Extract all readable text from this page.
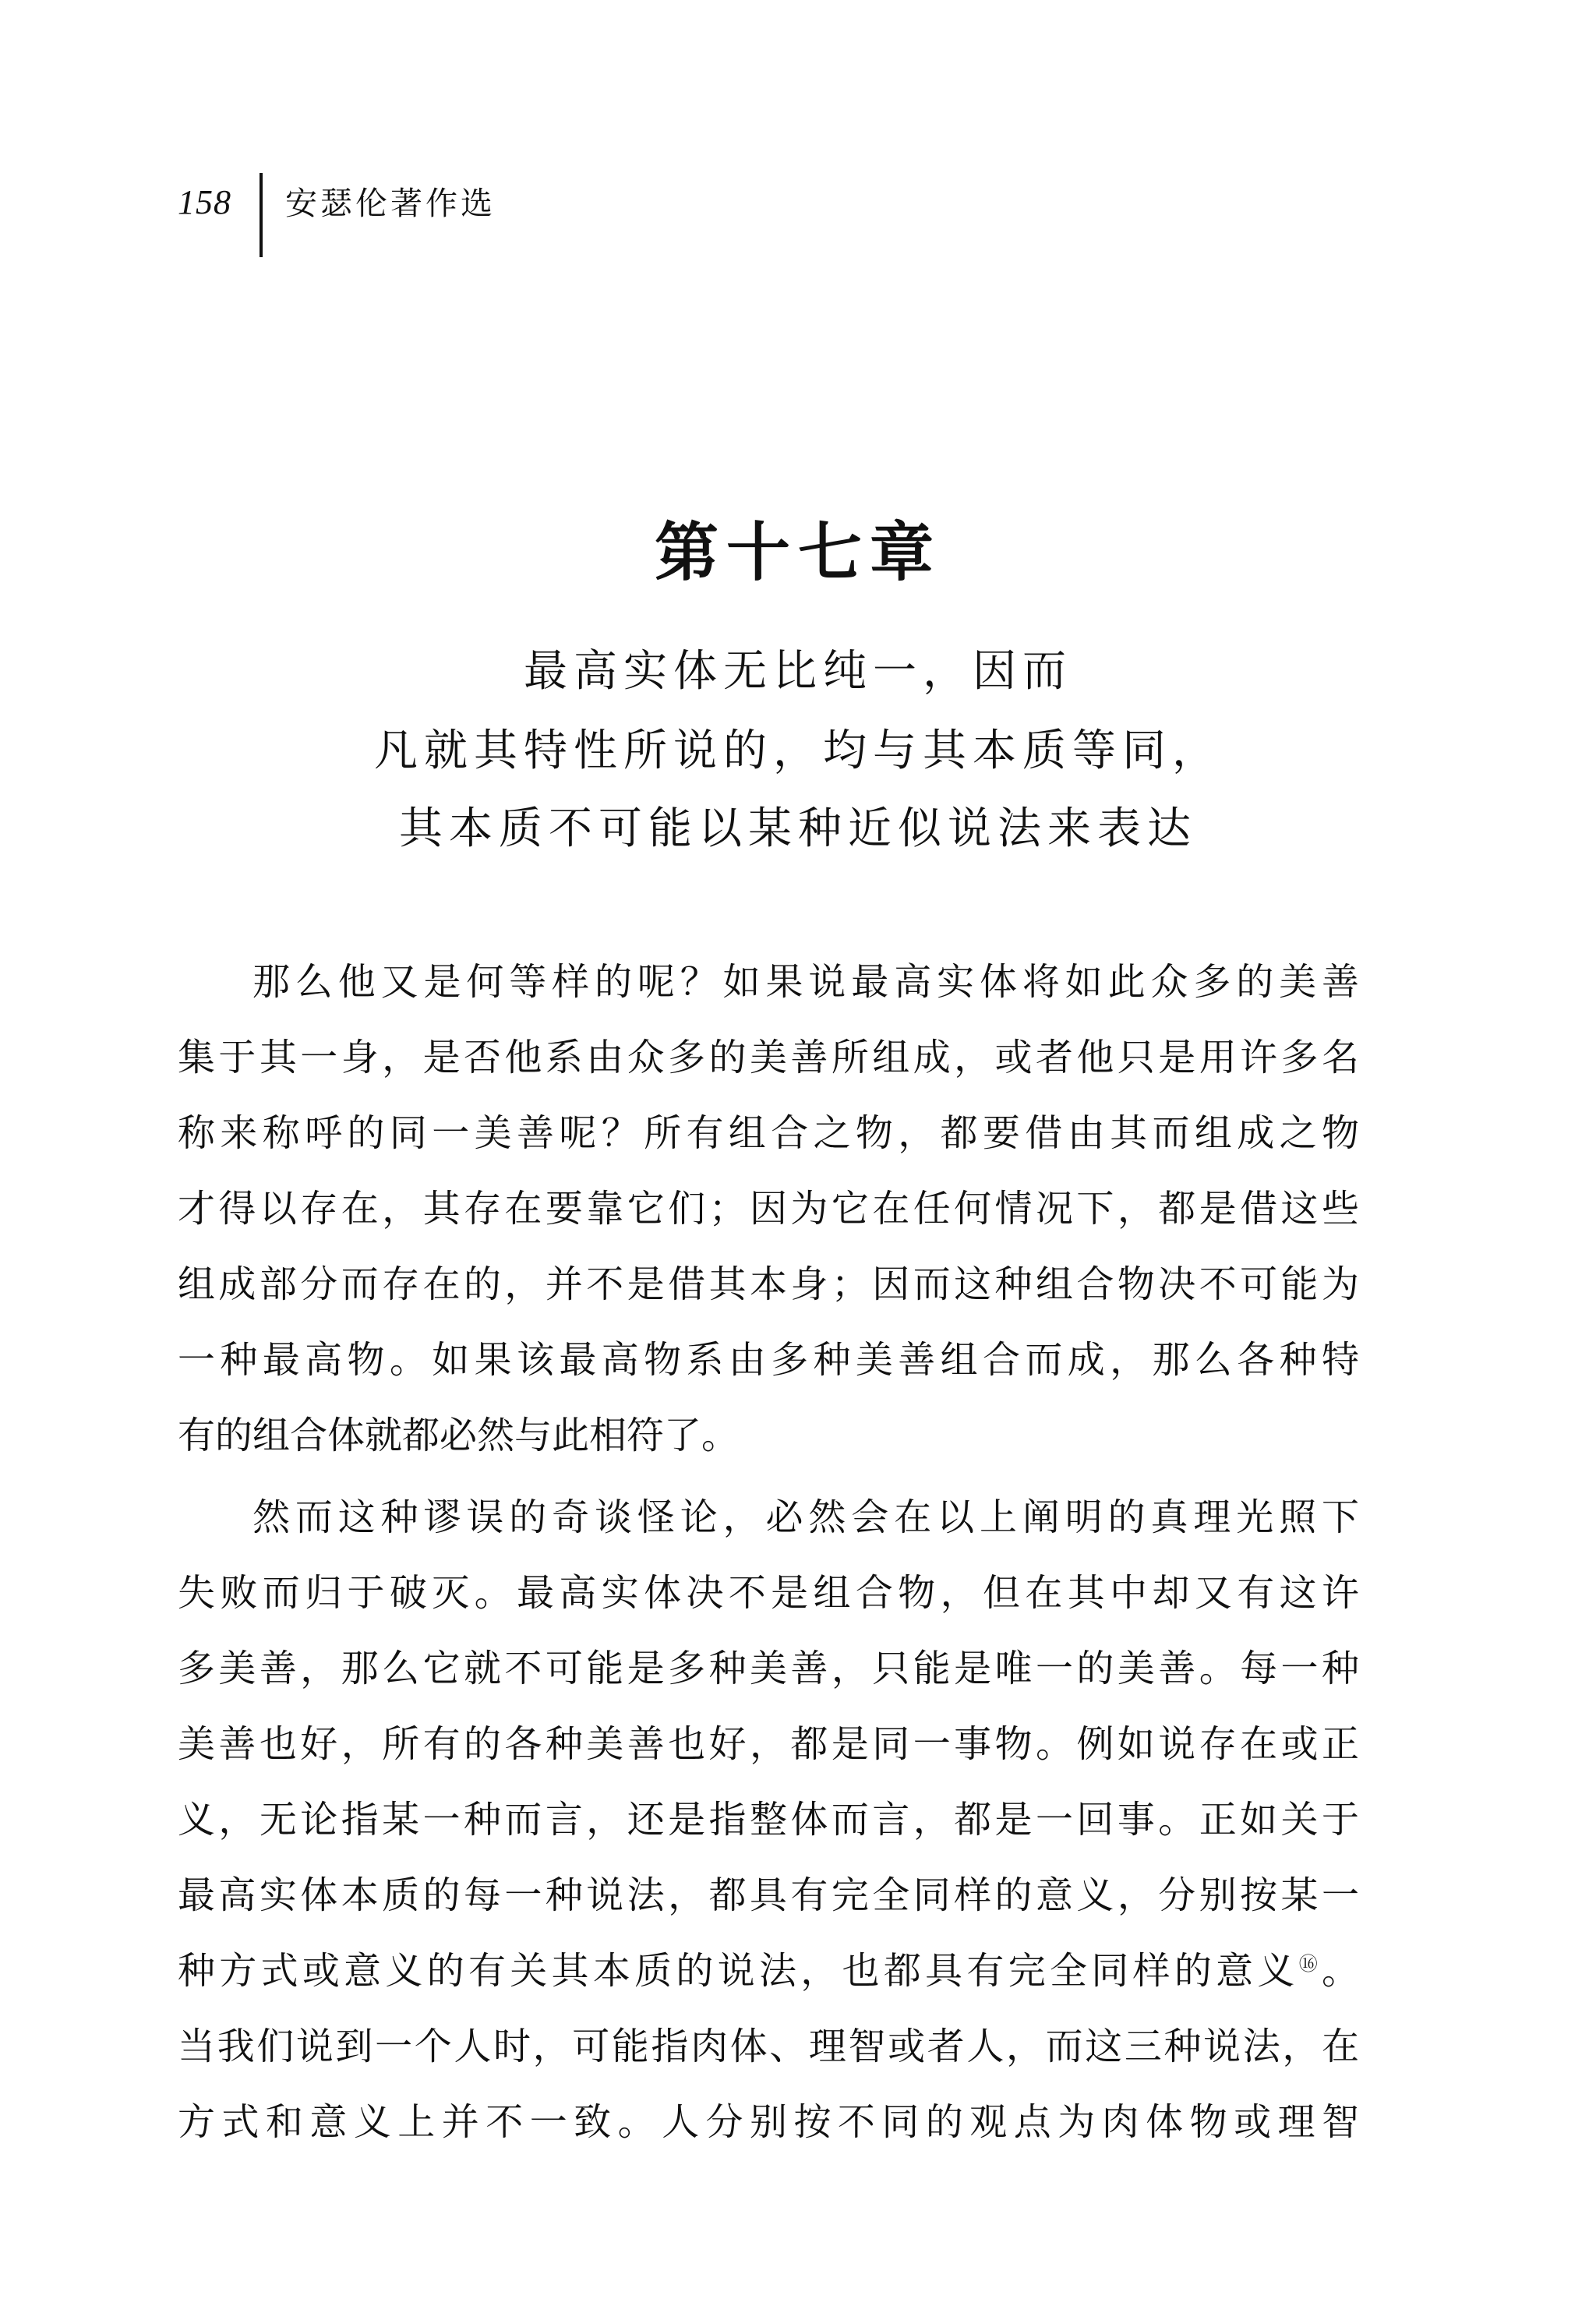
158 安瑟伦著作选
第十七章
最高实体无比纯一，因而
凡就其特性所说的，均与其本质等同，
其本质不可能以某种近似说法来表达
那么他又是何等样的呢？如果说最高实体将如此众多的美善
集于其一身，是否他系由众多的美善所组成，或者他只是用许多名
称来称呼的同一美善呢？所有组合之物，都要借由其而组成之物
才得以存在，其存在要靠它们；因为它在任何情况下，都是借这些
组成部分而存在的，并不是借其本身；因而这种组合物决不可能为
一种最高物。如果该最高物系由多种美善组合而成，那么各种特
有的组合体就都必然与此相符了。
然而这种谬误的奇谈怪论，必然会在以上阐明的真理光照下
失败而归于破灭。最高实体决不是组合物，但在其中却又有这许
多美善，那么它就不可能是多种美善，只能是唯一的美善。每一种
美善也好，所有的各种美善也好，都是同一事物。例如说存在或正
义，无论指某一种而言，还是指整体而言，都是一回事。正如关于
最高实体本质的每一种说法，都具有完全同样的意义，分别按某一
种方式或意义的有关其本质的说法，也都具有完全同样的意义⑯。
当我们说到一个人时，可能指肉体、理智或者人，而这三种说法，在
方式和意义上并不一致。人分别按不同的观点为肉体物或理智
